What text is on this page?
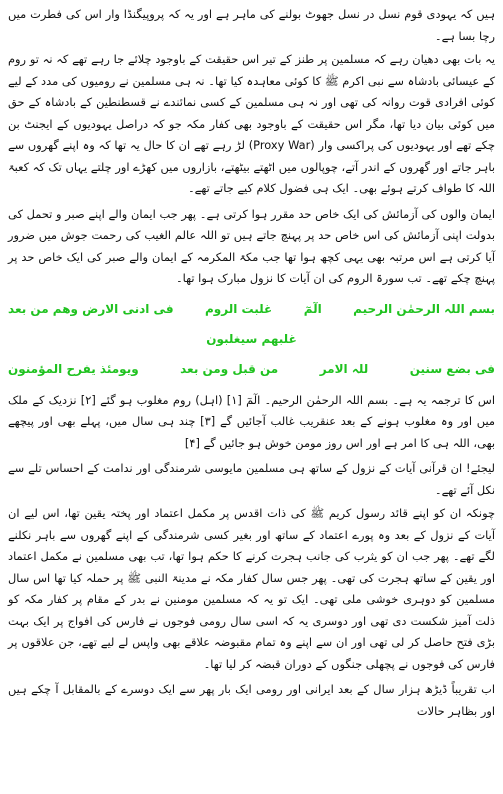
ہیں کہ یہودی قوم نسل در نسل جھوٹ بولنے کی ماہر ہے اور یہ کہ پروپیگنڈا وار اس کی فطرت میں رچا بسا ہے۔

یہ بات بھی دھیان رہے کہ مسلمین پر طنز کے تیر اس حقیقت کے باوجود چلائے جا رہے تھے کہ نہ تو روم کے عیسائی بادشاہ سے نبی اکرم ﷺ کا کوئی معاہدہ کیا تھا۔ نہ ہی مسلمین نے رومیوں کی مدد کے لیے کوئی افرادی قوت روانہ کی تھی اور نہ ہی مسلمین کے کسی نمائندے نے قسطنطین کے بادشاہ کے حق میں کوئی بیان دیا تھا، مگر اس حقیقت کے باوجود بھی کفار مکہ جو کہ دراصل یہودیوں کے ایجنٹ بن چکے تھے اور یہودیوں کی پراکسی وار (Proxy War) لڑ رہے تھے ان کا حال یہ تھا کہ وہ اپنے گھروں سے باہر جاتے اور گھروں کے اندر آتے، چوپالوں میں اٹھتے بیٹھتے، بازاروں میں کھڑے اور چلتے یہاں تک کہ کعبۃ اللہ کا طواف کرتے ہوئے بھی۔ ایک ہی فضول کلام کیے جاتے تھے۔

ایمان والوں کی آزمائش کی ایک خاص حد مقرر ہوا کرتی ہے۔ پھر جب ایمان والے اپنے صبر و تحمل کی بدولت اپنی آزمائش کی اس خاص حد پر پہنچ جاتے ہیں تو اللہ عالم الغیب کی رحمت جوش میں ضرور آیا کرتی ہے اس مرتبہ بھی یہی کچھ ہوا تھا جب مکۃ المکرمہ کے ایمان والے صبر کی ایک خاص حد پر پہنچ چکے تھے۔ تب سورۃ الروم کی ان آیات کا نزول مبارک ہوا تھا۔

بسم اللہ الرحمٰن الرحیم
الٓمٓ
غلبت الروم
فی ادنی الارض وھم من بعد
غلبھم سیغلبون
فی بضع سنین
للہ الامر
من قبل ومن بعد
ویومئذ یفرح المؤمنون

اس کا ترجمہ یہ ہے۔ بسم اللہ الرحمٰن الرحیم۔ الٓمٓ [۱] (اہل) روم مغلوب ہو گئے [۲] نزدیک کے ملک میں اور وہ مغلوب ہونے کے بعد عنقریب غالب آجائیں گے [۳] چند ہی سال میں، پہلے بھی اور پیچھے بھی، اللہ ہی کا امر ہے اور اس روز مومن خوش ہو جائیں گے [۴]

لیجئے! ان قرآنی آیات کے نزول کے ساتھ ہی مسلمین مایوسی شرمندگی اور ندامت کے احساس تلے سے نکل آئے تھے۔

چونکہ ان کو اپنے قائد رسول کریم ﷺ کی ذات اقدس پر مکمل اعتماد اور پختہ یقین تھا، اس لیے ان آیات کے نزول کے بعد وہ پورے اعتماد کے ساتھ اور بغیر کسی شرمندگی کے اپنے گھروں سے باہر نکلنے لگے تھے۔ پھر جب ان کو یثرب کی جانب ہجرت کرنے کا حکم ہوا تھا، تب بھی مسلمین نے مکمل اعتماد اور یقین کے ساتھ ہجرت کی تھی۔ پھر جس سال کفار مکہ نے مدینۃ النبی ﷺ پر حملہ کیا تھا اس سال مسلمین کو دوہری خوشی ملی تھی۔ ایک تو یہ کہ مسلمین مومنین نے بدر کے مقام پر کفار مکہ کو ذلت آمیز شکست دی تھی اور دوسری یہ کہ اسی سال رومی فوجوں نے فارس کی افواج پر ایک بہت بڑی فتح حاصل کر لی تھی اور ان سے اپنے وہ تمام مقبوضہ علاقے بھی واپس لے لیے تھے، جن علاقوں پر فارس کی فوجوں نے پچھلی جنگوں کے دوران قبضہ کر لیا تھا۔

اب تقریباً ڈیڑھ ہزار سال کے بعد ایرانی اور رومی ایک بار پھر سے ایک دوسرے کے بالمقابل آ چکے ہیں اور بظاہر حالات
